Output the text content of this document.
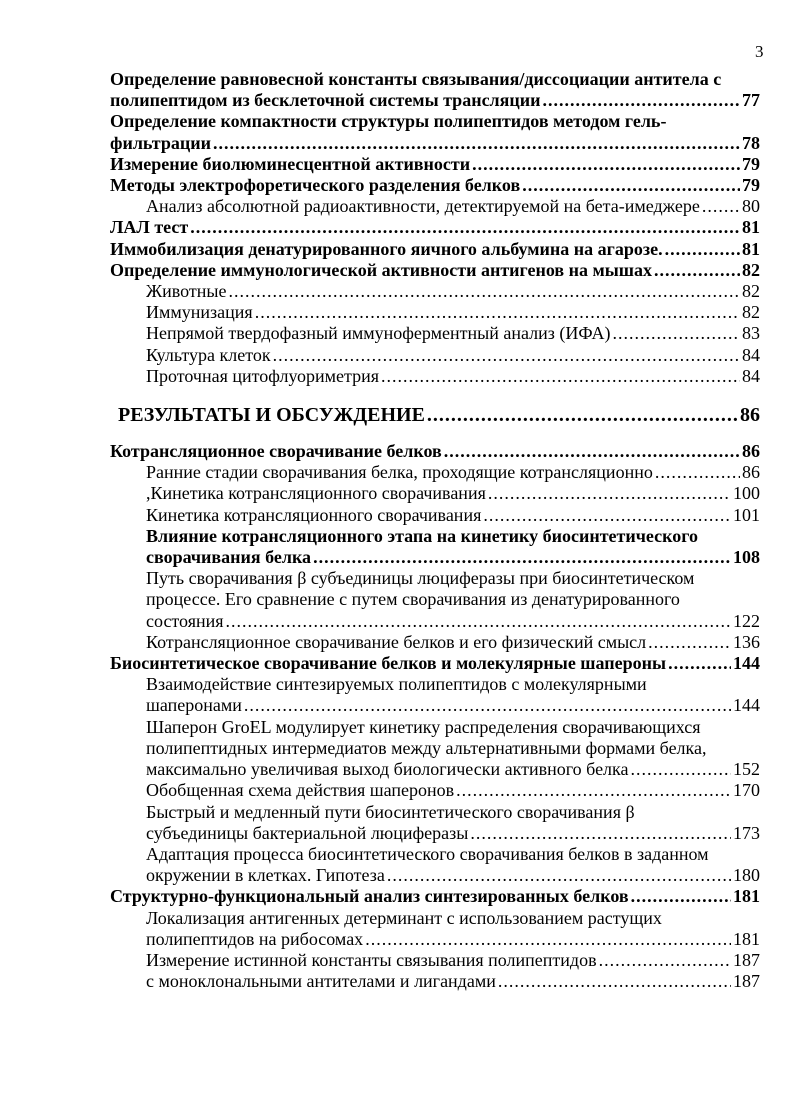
3
Определение равновесной константы связывания/диссоциации антитела с
полипептидом из бесклеточной системы трансляции .....	77
Определение компактности структуры полипептидов методом гель-
фильтрации .....	78
Измерение биолюминесцентной активности .....	79
Методы электрофоретического разделения белков .....	79
Анализ абсолютной радиоактивности, детектируемой на бета-имеджере ..... 80
ЛАЛ тест .....	81
Иммобилизация денатурированного яичного альбумина на агарозе. .....	81
Определение иммунологической активности антигенов на мышах .....	82
Животные .....	82
Иммунизация .....	82
Непрямой твердофазный иммуноферментный анализ (ИФА) .....	83
Культура клеток .....	84
Проточная цитофлуориметрия .....	84
РЕЗУЛЬТАТЫ И ОБСУЖДЕНИЕ .....	86
Котрансляционное сворачивание белков .....	86
Ранние стадии сворачивания белка, проходящие котрансляционно .....	86
,Кинетика котрансляционного сворачивания .....	100
Кинетика котрансляционного сворачивания .....	101
Влияние котрансляционного этапа на кинетику биосинтетического
сворачивания белка .....	108
Путь сворачивания β субъединицы люциферазы при биосинтетическом
процессе. Его сравнение с путем сворачивания из денатурированного
состояния .....	122
Котрансляционное сворачивание белков и его физический смысл .....	136
Биосинтетическое сворачивание белков и молекулярные шапероны .....	144
Взаимодействие синтезируемых полипептидов с молекулярными
шаперонами .....	144
Шаперон GroEL модулирует кинетику распределения сворачивающихся
полипептидных интермедиатов между альтернативными формами белка,
максимально увеличивая выход биологически активного белка .....	152
Обобщенная схема действия шаперонов .....	170
Быстрый и медленный пути биосинтетического сворачивания β
субъединицы бактериальной люциферазы .....	173
Адаптация процесса биосинтетического сворачивания белков в заданном
окружении в клетках. Гипотеза .....	180
Структурно-функциональный анализ синтезированных белков .....	181
Локализация антигенных детерминант с использованием растущих
полипептидов на рибосомах .....	181
Измерение истинной константы связывания полипептидов .....	187
с моноклональными антителами и лигандами .....	187
